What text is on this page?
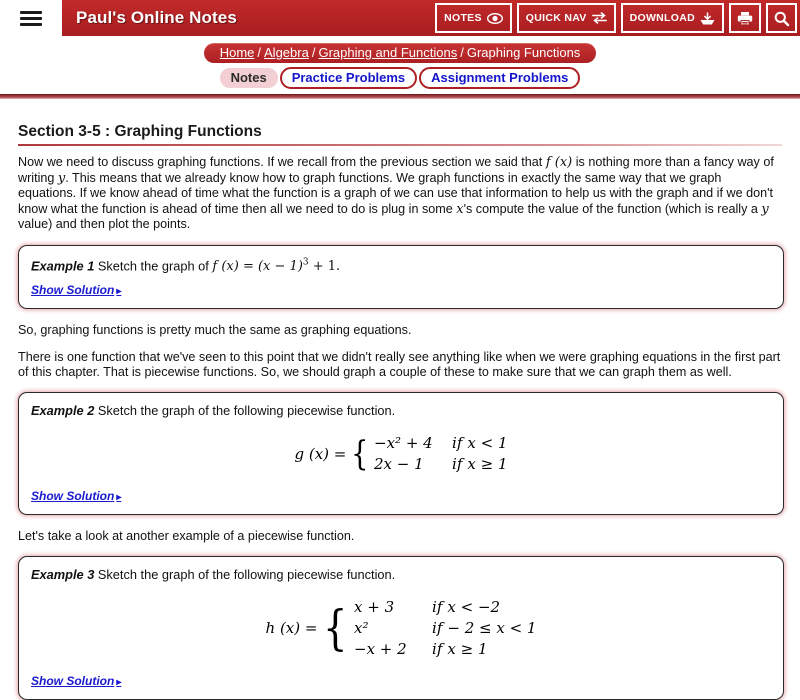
Paul's Online Notes	NOTES	QUICK NAV	DOWNLOAD
Home / Algebra / Graphing and Functions / Graphing Functions
Notes Practice Problems Assignment Problems
Section 3-5 : Graphing Functions

Now we need to discuss graphing functions. If we recall from the previous section we said that f (x) is nothing more than a fancy way of writing y. This means that we already know how to graph functions. We graph functions in exactly the same way that we graph equations. If we know ahead of time what the function is a graph of we can use that information to help us with the graph and if we don't know what the function is ahead of time then all we need to do is plug in some x's compute the value of the function (which is really a y value) and then plot the points.

Example 1 Sketch the graph of f $(x) = (x - 1)^3 + 1$.
Show Solution ▸

So, graphing functions is pretty much the same as graphing equations.

There is one function that we've seen to this point that we didn't really see anything like when we were graphing equations in the first part of this chapter. That is piecewise functions. So, we should graph a couple of these to make sure that we can graph them as well.

Example 2 Sketch the graph of the following piecewise function.
g (x) = { −x² + 4	if x < 1
2x − 1	if x ≥ 1
Show Solution ▸

Let's take a look at another example of a piecewise function.

Example 3 Sketch the graph of the following piecewise function.
h (x) = { x + 3	if x < −2
x²	if − 2 ≤ x < 1
−x + 2	if x ≥ 1
Show Solution ▸
